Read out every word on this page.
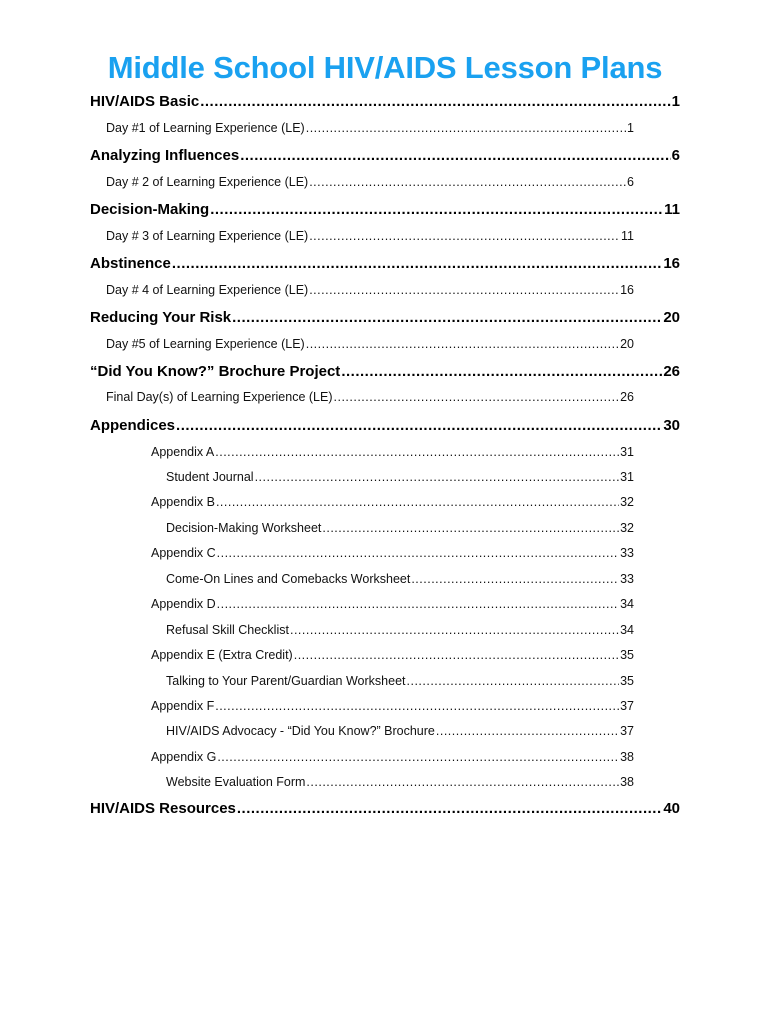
Middle School HIV/AIDS Lesson Plans
HIV/AIDS Basic .....	1
Day #1 of Learning Experience (LE) .....	1
Analyzing Influences .....	6
Day # 2 of Learning Experience (LE) .....	6
Decision-Making .....	11
Day # 3 of Learning Experience (LE) .....	11
Abstinence .....	16
Day # 4 of Learning Experience (LE) .....	16
Reducing Your Risk .....	20
Day #5 of Learning Experience (LE) .....	20
“Did You Know?” Brochure Project .....	26
Final Day(s) of Learning Experience (LE) .....	26
Appendices .....	30
Appendix A .....	31
Student Journal .....	31
Appendix B .....	32
Decision-Making Worksheet .....	32
Appendix C .....	33
Come-On Lines and Comebacks Worksheet .....	33
Appendix D .....	34
Refusal Skill Checklist .....	34
Appendix E (Extra Credit) .....	35
Talking to Your Parent/Guardian Worksheet .....	35
Appendix F .....	37
HIV/AIDS Advocacy - “Did You Know?” Brochure .....	37
Appendix G .....	38
Website Evaluation Form .....	38
HIV/AIDS Resources .....	40
